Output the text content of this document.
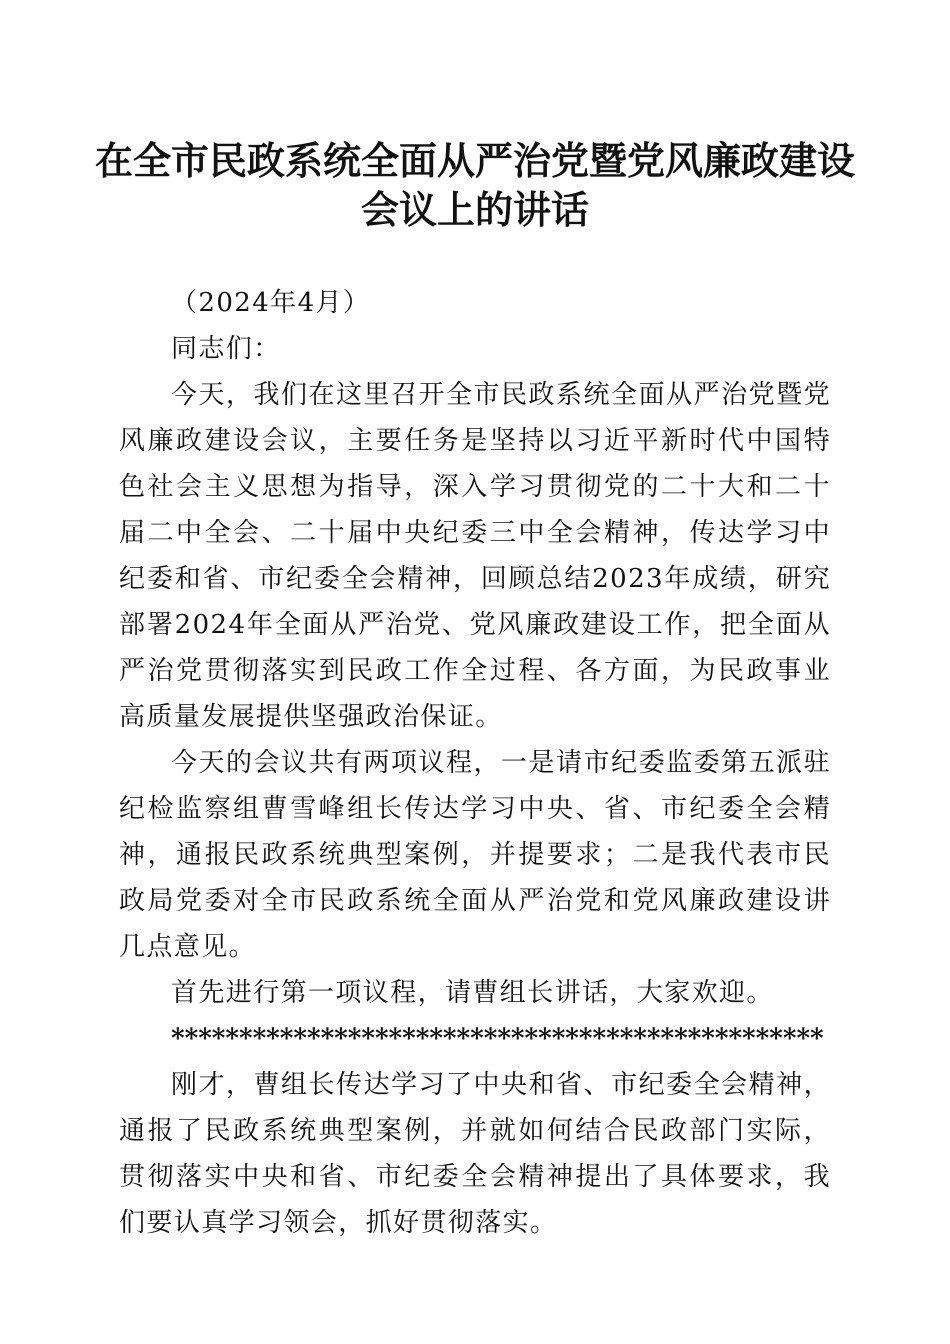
在全市民政系统全面从严治党暨党风廉政建设
会议上的讲话

（2024年4月）

同志们：

今天，我们在这里召开全市民政系统全面从严治党暨党风廉政建设会议，主要任务是坚持以习近平新时代中国特色社会主义思想为指导，深入学习贯彻党的二十大和二十届二中全会、二十届中央纪委三中全会精神，传达学习中纪委和省、市纪委全会精神，回顾总结2023年成绩，研究部署2024年全面从严治党、党风廉政建设工作，把全面从严治党贯彻落实到民政工作全过程、各方面，为民政事业高质量发展提供坚强政治保证。

今天的会议共有两项议程，一是请市纪委监委第五派驻纪检监察组曹雪峰组长传达学习中央、省、市纪委全会精神，通报民政系统典型案例，并提要求；二是我代表市民政局党委对全市民政系统全面从严治党和党风廉政建设讲几点意见。

首先进行第一项议程，请曹组长讲话，大家欢迎。

************************************************

刚才，曹组长传达学习了中央和省、市纪委全会精神，通报了民政系统典型案例，并就如何结合民政部门实际，贯彻落实中央和省、市纪委全会精神提出了具体要求，我们要认真学习领会，抓好贯彻落实。
